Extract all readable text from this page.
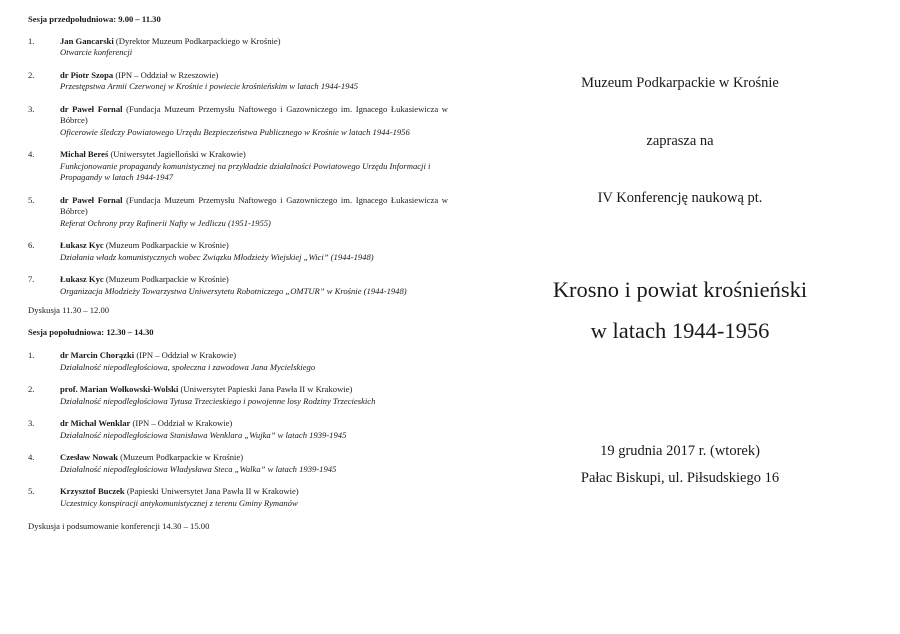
Sesja przedpołudniowa: 9.00 – 11.30

1.	Jan Gancarski (Dyrektor Muzeum Podkarpackiego w Krośnie)
Otwarcie konferencji
2.	dr Piotr Szopa (IPN – Oddział w Rzeszowie)
Przestępstwa Armii Czerwonej w Krośnie i powiecie krośnieńskim w latach 1944-1945
3.	dr Paweł Fornal (Fundacja Muzeum Przemysłu Naftowego i Gazowniczego im. Ignacego Łukasiewicza w Bóbrce)
Oficerowie śledczy Powiatowego Urzędu Bezpieczeństwa Publicznego w Krośnie w latach 1944-1956
4.	Michał Bereś (Uniwersytet Jagielloński w Krakowie)
Funkcjonowanie propagandy komunistycznej na przykładzie działalności Powiatowego Urzędu Informacji i Propagandy w latach 1944-1947
5.	dr Paweł Fornal (Fundacja Muzeum Przemysłu Naftowego i Gazowniczego im. Ignacego Łukasiewicza w Bóbrce)
Referat Ochrony przy Rafinerii Nafty w Jedliczu (1951-1955)
6.	Łukasz Kyc (Muzeum Podkarpackie w Krośnie)
Działania władz komunistycznych wobec Związku Młodzieży Wiejskiej „Wici” (1944-1948)
7.	Łukasz Kyc (Muzeum Podkarpackie w Krośnie)
Organizacja Młodzieży Towarzystwa Uniwersytetu Robotniczego „OMTUR” w Krośnie (1944-1948)

Dyskusja 11.30 – 12.00

Sesja popołudniowa: 12.30 – 14.30

1.	dr Marcin Chorązki (IPN – Oddział w Krakowie)
Działalność niepodległościowa, społeczna i zawodowa Jana Mycielskiego
2.	prof. Marian Wołkowski-Wolski (Uniwersytet Papieski Jana Pawła II w Krakowie)
Działalność niepodległościowa Tytusa Trzecieskiego i powojenne losy Rodziny Trzecieskich
3.	dr Michał Wenklar (IPN – Oddział w Krakowie)
Działalność niepodległościowa Stanisława Wenklara „Wujka” w latach 1939-1945
4.	Czesław Nowak (Muzeum Podkarpackie w Krośnie)
Działalność niepodległościowa Władysława Steca „Walka” w latach 1939-1945
5.	Krzysztof Buczek (Papieski Uniwersytet Jana Pawła II w Krakowie)
Uczestnicy konspiracji antykomunistycznej z terenu Gminy Rymanów

Dyskusja i podsumowanie konferencji 14.30 – 15.00

Muzeum Podkarpackie w Krośnie
zaprasza na
IV Konferencję naukową pt.
Krosno i powiat krośnieński
w latach 1944-1956
19 grudnia 2017 r. (wtorek)
Pałac Biskupi, ul. Piłsudskiego 16
